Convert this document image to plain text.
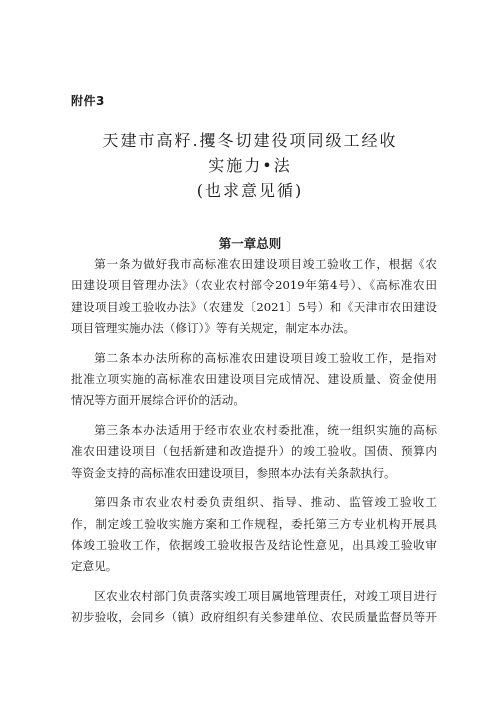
附件3
天建市高籽.攫冬切建役项同级工经收
实施力•法
(也求意见循)
第一章总则

第一条为做好我市高标准农田建设项目竣工验收工作，根据《农
田建设项目管理办法》（农业农村部令2019年第4号）、《高标准农田
建设项目竣工验收办法》（农建发〔2021〕5号）和《天津市农田建设
项目管理实施办法（修订）》等有关规定，制定本办法。

第二条本办法所称的高标准农田建设项目竣工验收工作，是指对
批准立项实施的高标准农田建设项目完成情况、建设质量、资金使用
情况等方面开展综合评价的活动。

第三条本办法适用于经市农业农村委批准，统一组织实施的高标
准农田建设项目（包括新建和改造提升）的竣工验收。国债、预算内
等资金支持的高标准农田建设项目，参照本办法有关条款执行。

第四条市农业农村委负责组织、指导、推动、监管竣工验收工
作，制定竣工验收实施方案和工作规程，委托第三方专业机构开展具
体竣工验收工作，依据竣工验收报告及结论性意见，出具竣工验收审
定意见。

区农业农村部门负责落实竣工项目属地管理责任，对竣工项目进行
初步验收，会同乡（镇）政府组织有关参建单位、农民质量监督员等开
